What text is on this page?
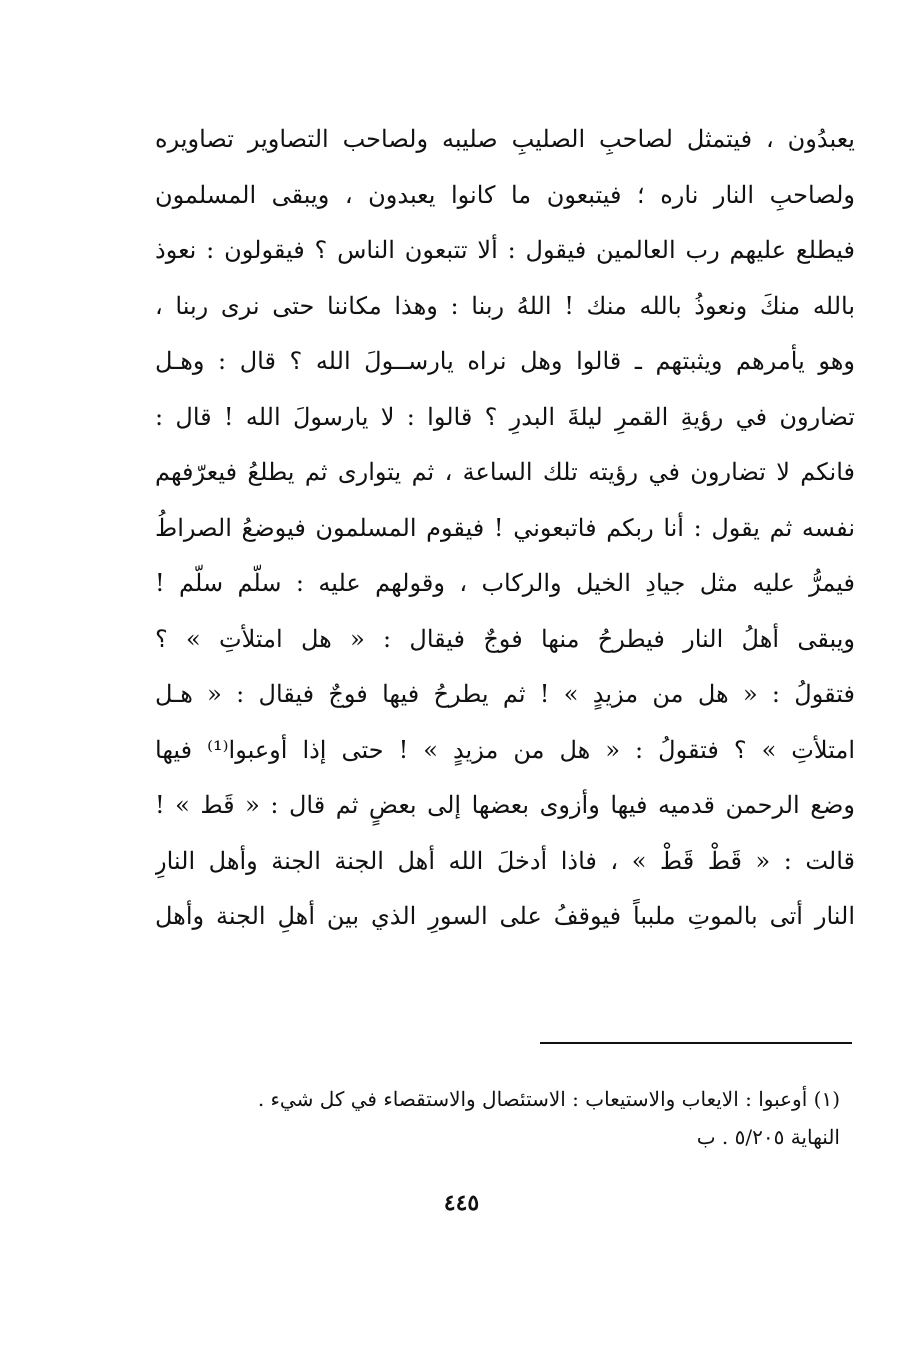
يعبدُون ، فيتمثل لصاحبِ الصليبِ صليبه ولصاحب التصاوير تصاويره
ولصاحبِ النار ناره ؛ فيتبعون ما كانوا يعبدون ، ويبقى المسلمون
فيطلع عليهم رب العالمين فيقول : ألا تتبعون الناس ؟ فيقولون : نعوذ
بالله منكَ ونعوذُ بالله منك ! اللهُ ربنا : وهذا مكاننا حتى نرى ربنا ،
وهو يأمرهم ويثبتهم ـ قالوا وهل نراه يارســولَ الله ؟ قال : وهـل
تضارون في رؤيةِ القمرِ ليلةَ البدرِ ؟ قالوا : لا يارسولَ الله ! قال :
فانكم لا تضارون في رؤيته تلك الساعة ، ثم يتوارى ثم يطلعُ فيعرّفهم
نفسه ثم يقول : أنا ربكم فاتبعوني ! فيقوم المسلمون فيوضعُ الصراطُ
فيمرُّ عليه مثل جيادِ الخيل والركاب ، وقولهم عليه : سلّم سلّم !
ويبقى أهلُ النار فيطرحُ منها فوجٌ فيقال : « هل امتلأتِ » ؟
فتقولُ : « هل من مزيدٍ » ! ثم يطرحُ فيها فوجٌ فيقال : « هـل
امتلأتِ » ؟ فتقولُ : « هل من مزيدٍ » ! حتى إذا أوعبوا⁽¹⁾ فيها
وضع الرحمن قدميه فيها وأزوى بعضها إلى بعضٍ ثم قال : « قَط » !
قالت : « قَطْ قَطْ » ، فاذا أدخلَ الله أهل الجنة الجنة وأهل النارِ
النار أتى بالموتِ ملبباً فيوقفُ على السورِ الذي بين أهلِ الجنة وأهل
(١) أوعبوا : الايعاب والاستيعاب : الاستئصال والاستقصاء في كل شيء .
النهاية ٥/٢٠٥ . ب
٤٤٥
